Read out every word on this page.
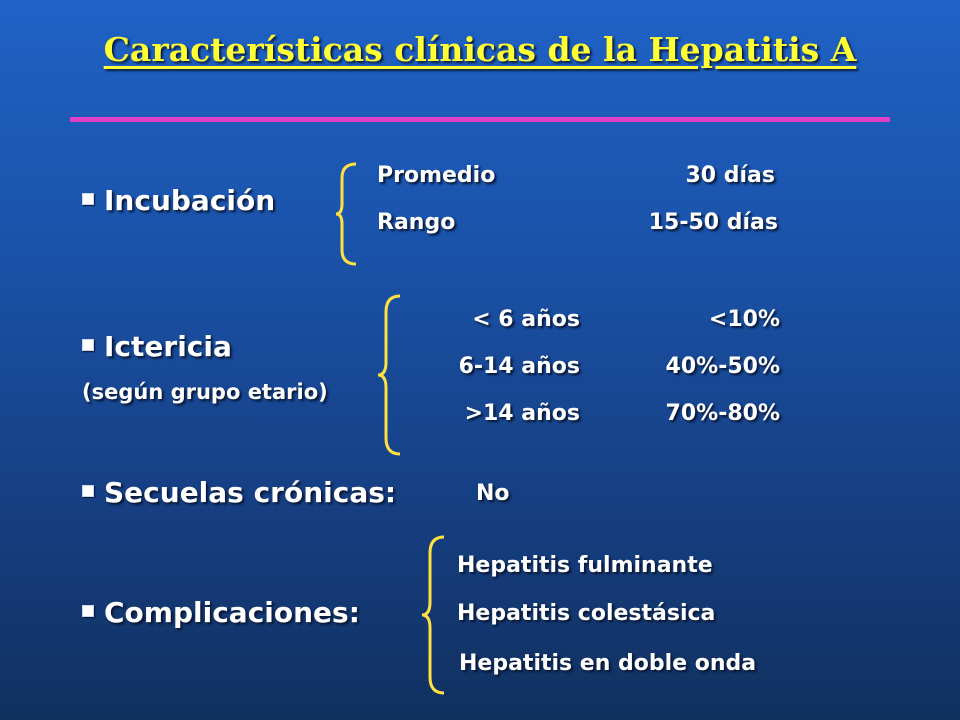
Características clínicas de la Hepatitis A
Incubación
Promedio	30 días
Rango	15-50 días
Ictericia
(según grupo etario)
< 6 años	<10%
6-14 años	40%-50%
>14 años	70%-80%
Secuelas crónicas:	No
Complicaciones:
Hepatitis fulminante
Hepatitis colestásica
Hepatitis en doble onda
